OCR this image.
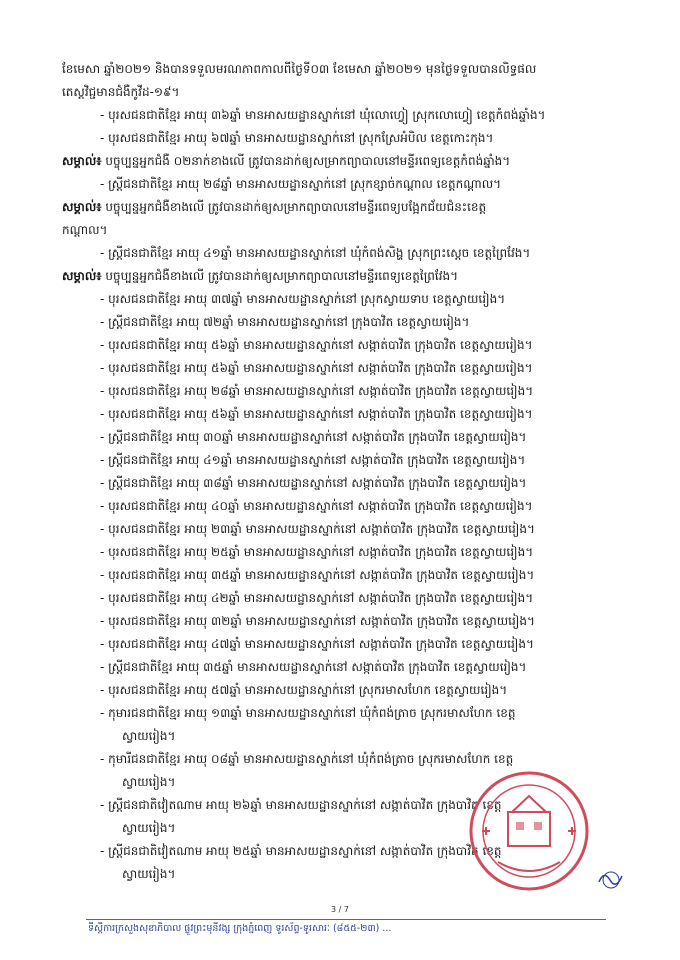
ខែមេសា ឆ្នាំ២០២១ និងបានទទួលមរណភាពកាលពីថ្ងៃទី០៣ ខែមេសា ឆ្នាំ២០២១ មុនថ្ងៃទទួលបានលិទ្ធផល
តេស្តវិជ្ជមានជំងឺកូវីដ-១៩។
- បុរសជនជាតិខ្មែរ អាយុ ៣៦ឆ្នាំ មានអាសយដ្ឋានស្នាក់នៅ ឃុំលោហ្វៀ ស្រុកលោហ្វៀ ខេត្តកំពង់ឆ្នាំង។
- បុរសជនជាតិខ្មែរ អាយុ ៦៧ឆ្នាំ មានអាសយដ្ឋានស្នាក់នៅ ស្រុកស្រែអំបិល ខេត្តកោះកុង។
សម្គាល់៖ បច្ចុប្បន្នអ្នកជំងឺ ០២នាក់ខាងលើ ត្រូវបានដាក់ឲ្យសម្រាកព្យាបាលនៅមន្ទីរពេទ្យខេត្តកំពង់ឆ្នាំង។
- ស្ត្រីជនជាតិខ្មែរ អាយុ ២៨ឆ្នាំ មានអាសយដ្ឋានស្នាក់នៅ ស្រុកខ្សាច់កណ្តាល ខេត្តកណ្តាល។
សម្គាល់៖ បច្ចុប្បន្នអ្នកជំងឺខាងលើ ត្រូវបានដាក់ឲ្យសម្រាកព្យាបាលនៅមន្ទីរពេទ្យបង្អែកជ័យជំនះខេត្ត
កណ្តាល។
- ស្ត្រីជនជាតិខ្មែរ អាយុ ៤១ឆ្នាំ មានអាសយដ្ឋានស្នាក់នៅ ឃុំកំពង់សិង្ហ ស្រុកព្រះស្តេច ខេត្តព្រៃវែង។
សម្គាល់៖ បច្ចុប្បន្នអ្នកជំងឺខាងលើ ត្រូវបានដាក់ឲ្យសម្រាកព្យាបាលនៅមន្ទីរពេទ្យខេត្តព្រៃវែង។
- បុរសជនជាតិខ្មែរ អាយុ ៣៧ឆ្នាំ មានអាសយដ្ឋានស្នាក់នៅ ស្រុកស្វាយទាប ខេត្តស្វាយរៀង។
- ស្ត្រីជនជាតិខ្មែរ អាយុ ៧២ឆ្នាំ មានអាសយដ្ឋានស្នាក់នៅ ក្រុងបាវិត ខេត្តស្វាយរៀង។
- បុរសជនជាតិខ្មែរ អាយុ ៥៦ឆ្នាំ មានអាសយដ្ឋានស្នាក់នៅ សង្កាត់បាវិត ក្រុងបាវិត ខេត្តស្វាយរៀង។
- បុរសជនជាតិខ្មែរ អាយុ ៥៦ឆ្នាំ មានអាសយដ្ឋានស្នាក់នៅ សង្កាត់បាវិត ក្រុងបាវិត ខេត្តស្វាយរៀង។
- បុរសជនជាតិខ្មែរ អាយុ ២៨ឆ្នាំ មានអាសយដ្ឋានស្នាក់នៅ សង្កាត់បាវិត ក្រុងបាវិត ខេត្តស្វាយរៀង។
- បុរសជនជាតិខ្មែរ អាយុ ៥៦ឆ្នាំ មានអាសយដ្ឋានស្នាក់នៅ សង្កាត់បាវិត ក្រុងបាវិត ខេត្តស្វាយរៀង។
- ស្ត្រីជនជាតិខ្មែរ អាយុ ៣០ឆ្នាំ មានអាសយដ្ឋានស្នាក់នៅ សង្កាត់បាវិត ក្រុងបាវិត ខេត្តស្វាយរៀង។
- ស្ត្រីជនជាតិខ្មែរ អាយុ ៤១ឆ្នាំ មានអាសយដ្ឋានស្នាក់នៅ សង្កាត់បាវិត ក្រុងបាវិត ខេត្តស្វាយរៀង។
- ស្ត្រីជនជាតិខ្មែរ អាយុ ៣៨ឆ្នាំ មានអាសយដ្ឋានស្នាក់នៅ សង្កាត់បាវិត ក្រុងបាវិត ខេត្តស្វាយរៀង។
- បុរសជនជាតិខ្មែរ អាយុ ៤០ឆ្នាំ មានអាសយដ្ឋានស្នាក់នៅ សង្កាត់បាវិត ក្រុងបាវិត ខេត្តស្វាយរៀង។
- បុរសជនជាតិខ្មែរ អាយុ ២៣ឆ្នាំ មានអាសយដ្ឋានស្នាក់នៅ សង្កាត់បាវិត ក្រុងបាវិត ខេត្តស្វាយរៀង។
- បុរសជនជាតិខ្មែរ អាយុ ២៥ឆ្នាំ មានអាសយដ្ឋានស្នាក់នៅ សង្កាត់បាវិត ក្រុងបាវិត ខេត្តស្វាយរៀង។
- បុរសជនជាតិខ្មែរ អាយុ ៣៥ឆ្នាំ មានអាសយដ្ឋានស្នាក់នៅ សង្កាត់បាវិត ក្រុងបាវិត ខេត្តស្វាយរៀង។
- បុរសជនជាតិខ្មែរ អាយុ ៤២ឆ្នាំ មានអាសយដ្ឋានស្នាក់នៅ សង្កាត់បាវិត ក្រុងបាវិត ខេត្តស្វាយរៀង។
- បុរសជនជាតិខ្មែរ អាយុ ៣២ឆ្នាំ មានអាសយដ្ឋានស្នាក់នៅ សង្កាត់បាវិត ក្រុងបាវិត ខេត្តស្វាយរៀង។
- បុរសជនជាតិខ្មែរ អាយុ ៤៧ឆ្នាំ មានអាសយដ្ឋានស្នាក់នៅ សង្កាត់បាវិត ក្រុងបាវិត ខេត្តស្វាយរៀង។
- ស្ត្រីជនជាតិខ្មែរ អាយុ ៣៥ឆ្នាំ មានអាសយដ្ឋានស្នាក់នៅ សង្កាត់បាវិត ក្រុងបាវិត ខេត្តស្វាយរៀង។
- បុរសជនជាតិខ្មែរ អាយុ ៥៧ឆ្នាំ មានអាសយដ្ឋានស្នាក់នៅ ស្រុករមាសហែក ខេត្តស្វាយរៀង។
- កុមារជនជាតិខ្មែរ អាយុ ១៣ឆ្នាំ មានអាសយដ្ឋានស្នាក់នៅ ឃុំកំពង់ត្រាច ស្រុករមាសហែក ខេត្ត
ស្វាយរៀង។
- កុមារីជនជាតិខ្មែរ អាយុ ០៨ឆ្នាំ មានអាសយដ្ឋានស្នាក់នៅ ឃុំកំពង់ត្រាច ស្រុករមាសហែក ខេត្ត
ស្វាយរៀង។
- ស្ត្រីជនជាតិវៀតណាម អាយុ ២៦ឆ្នាំ មានអាសយដ្ឋានស្នាក់នៅ សង្កាត់បាវិត ក្រុងបាវិត ខេត្ត
ស្វាយរៀង។
- ស្ត្រីជនជាតិវៀតណាម អាយុ ២៥ឆ្នាំ មានអាសយដ្ឋានស្នាក់នៅ សង្កាត់បាវិត ក្រុងបាវិត ខេត្ត
ស្វាយរៀង។
3 / 7
ទីស្តីការក្រសួងសុខាភិបាល ផ្លូវព្រះមុនីវង្ស ក្រុងភ្នំពេញ ទូរស័ព្ទ-ទូរសារៈ (៨៥៥-២៣) ...
